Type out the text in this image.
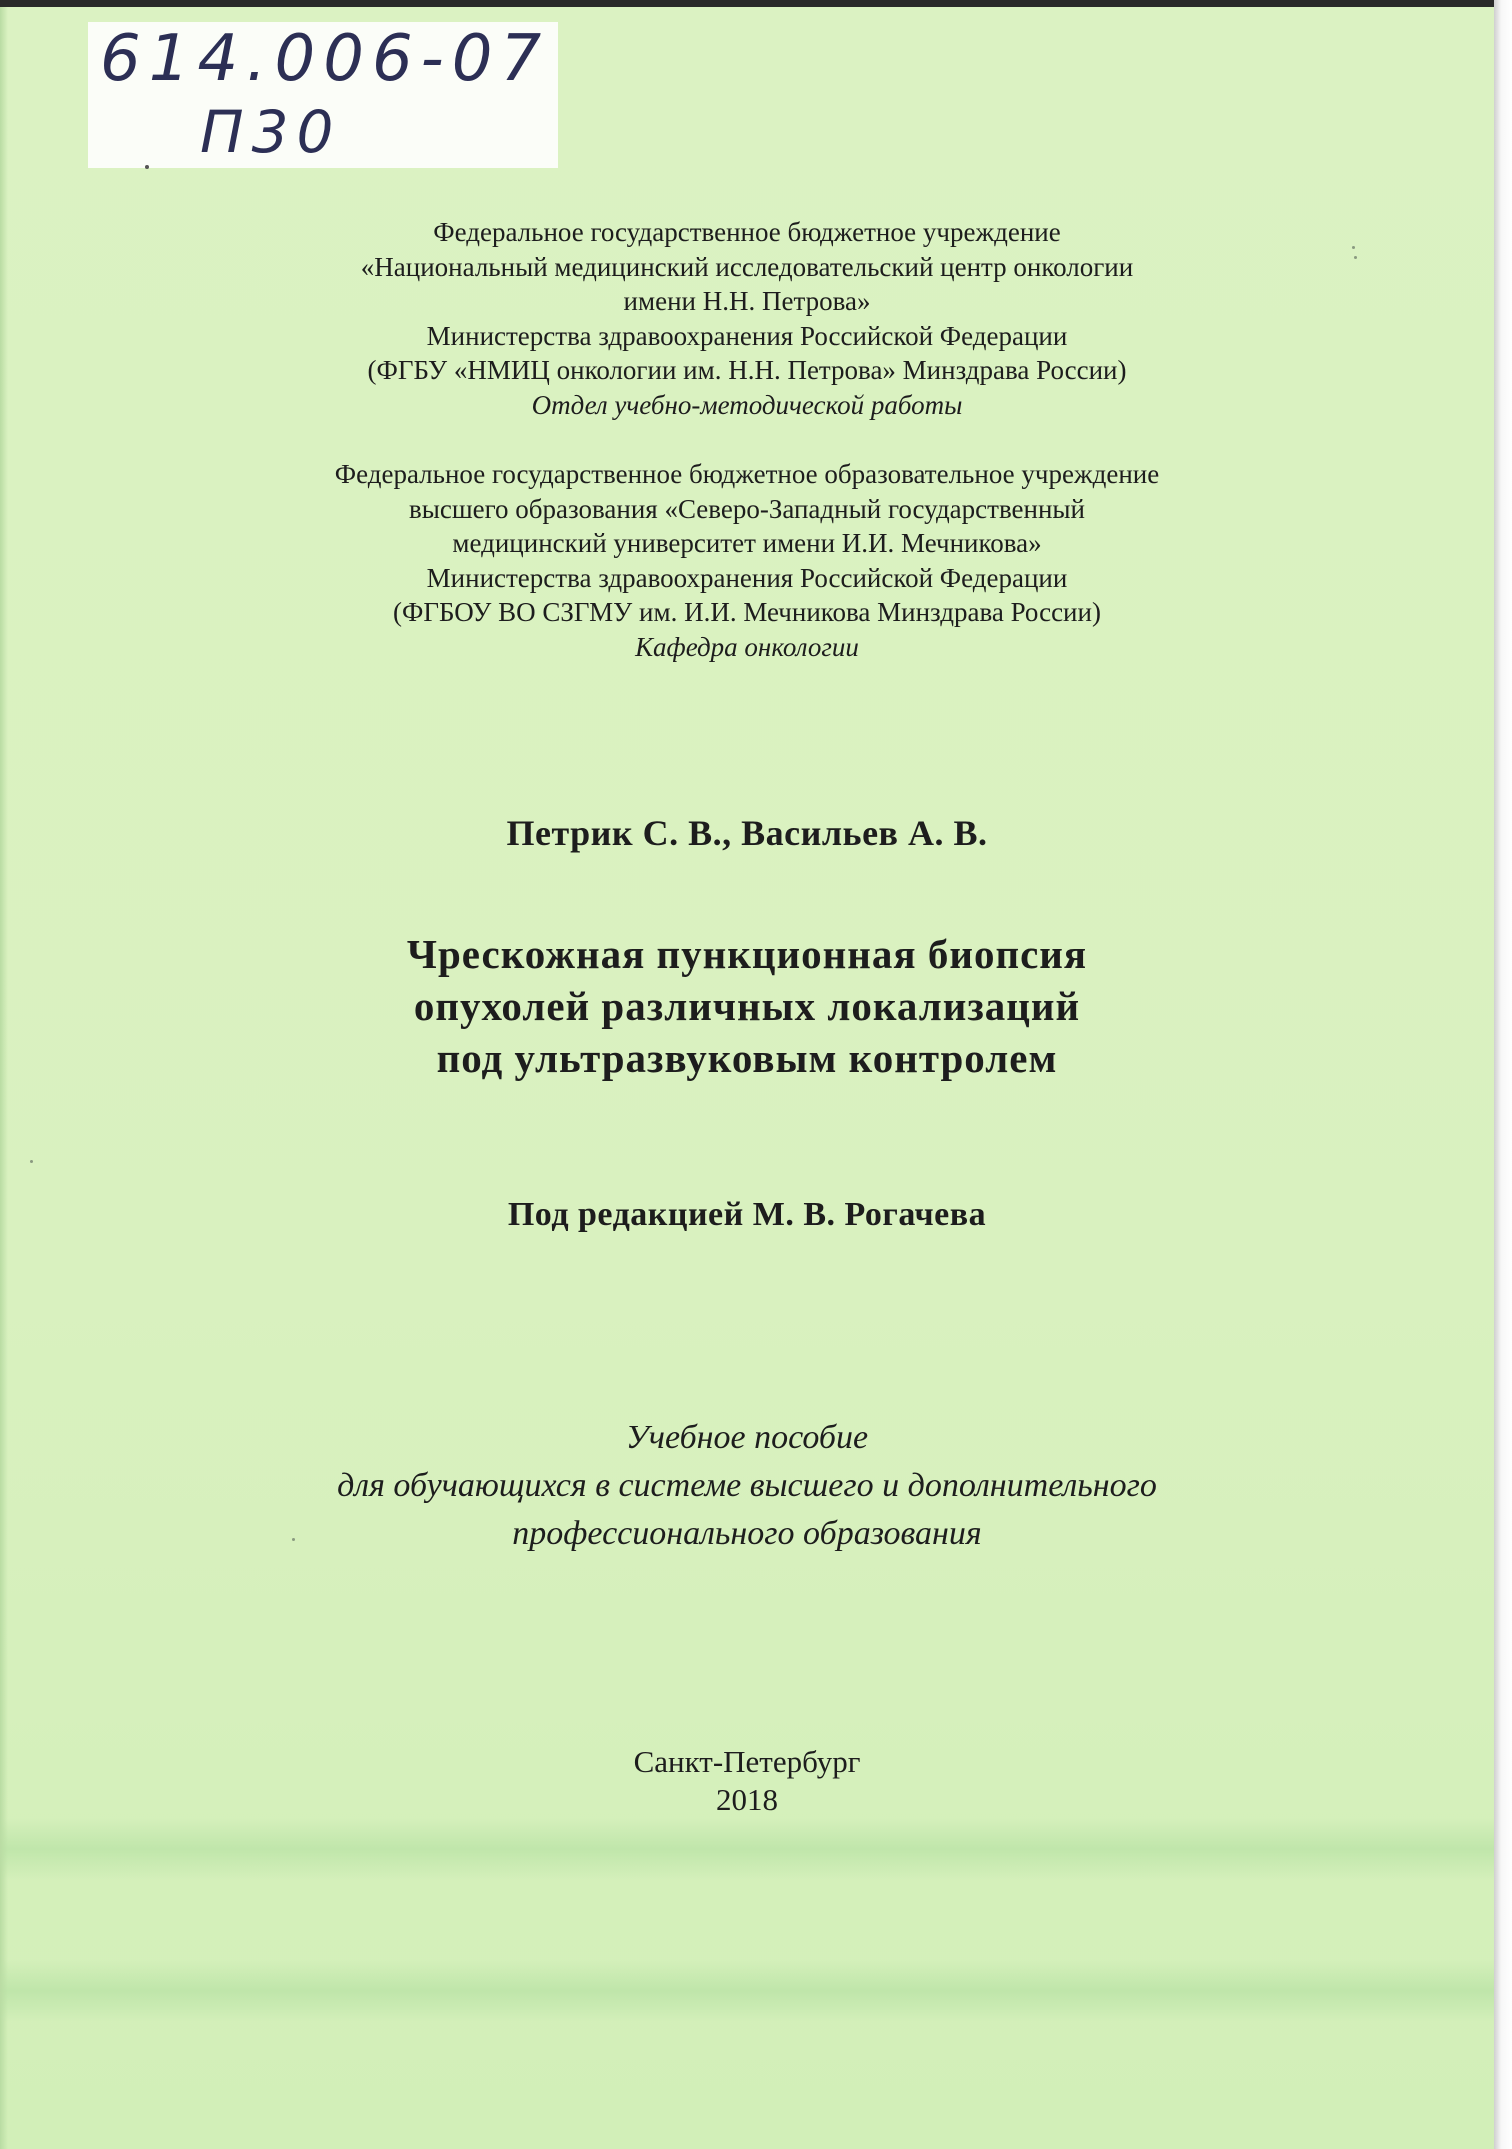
614.006-07
П30
Федеральное государственное бюджетное учреждение
«Национальный медицинский исследовательский центр онкологии
имени Н.Н. Петрова»
Министерства здравоохранения Российской Федерации
(ФГБУ «НМИЦ онкологии им. Н.Н. Петрова» Минздрава России)
Отдел учебно-методической работы
Федеральное государственное бюджетное образовательное учреждение
высшего образования «Северо-Западный государственный
медицинский университет имени И.И. Мечникова»
Министерства здравоохранения Российской Федерации
(ФГБОУ ВО СЗГМУ им. И.И. Мечникова Минздрава России)
Кафедра онкологии
Петрик С. В., Васильев А. В.
Чрескожная пункционная биопсия
опухолей различных локализаций
под ультразвуковым контролем
Под редакцией М. В. Рогачева
Учебное пособие
для обучающихся в системе высшего и дополнительного
профессионального образования
Санкт-Петербург
2018
